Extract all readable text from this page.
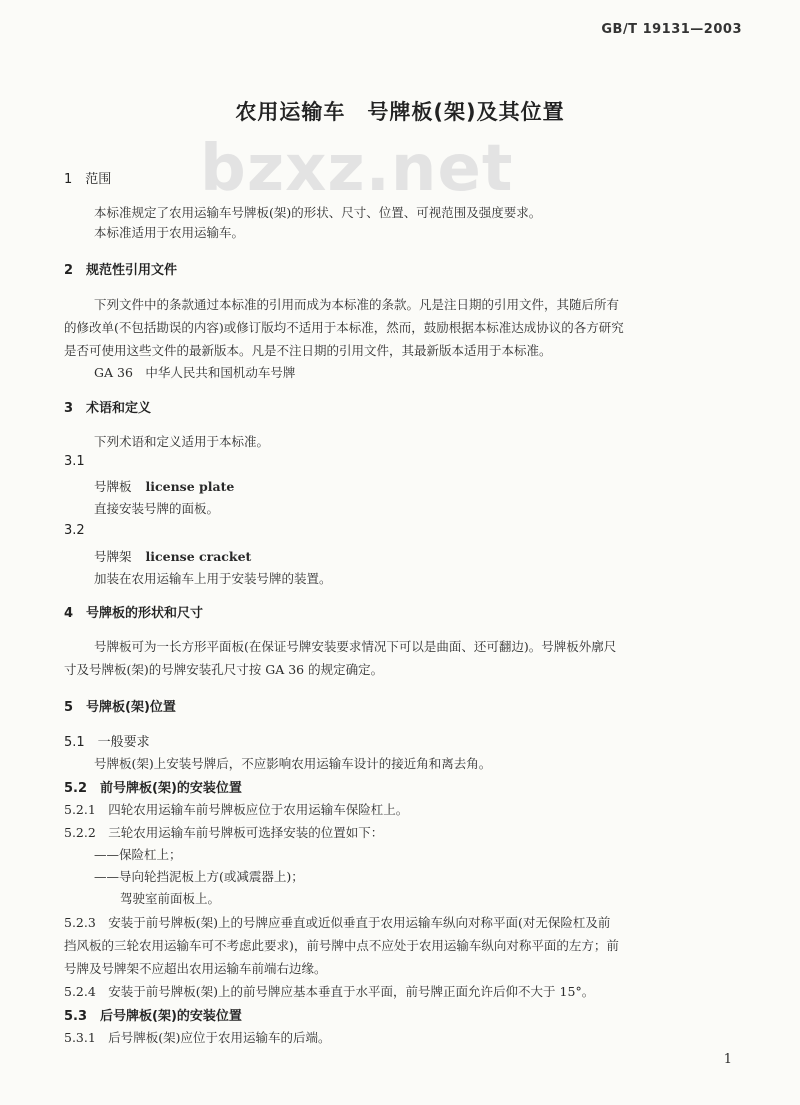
GB/T 19131—2003
农用运输车　号牌板(架)及其位置
bzxz.net
1　范围
本标准规定了农用运输车号牌板(架)的形状、尺寸、位置、可视范围及强度要求。
本标准适用于农用运输车。
2　规范性引用文件
下列文件中的条款通过本标准的引用而成为本标准的条款。凡是注日期的引用文件，其随后所有
的修改单(不包括勘误的内容)或修订版均不适用于本标准，然而，鼓励根据本标准达成协议的各方研究
是否可使用这些文件的最新版本。凡是不注日期的引用文件，其最新版本适用于本标准。
GA 36　中华人民共和国机动车号牌
3　术语和定义
下列术语和定义适用于本标准。
3.1
号牌板 license plate
直接安装号牌的面板。
3.2
号牌架 license cracket
加装在农用运输车上用于安装号牌的装置。
4　号牌板的形状和尺寸
号牌板可为一长方形平面板(在保证号牌安装要求情况下可以是曲面、还可翻边)。号牌板外廓尺
寸及号牌板(架)的号牌安装孔尺寸按 GA 36 的规定确定。
5　号牌板(架)位置
5.1　一般要求
号牌板(架)上安装号牌后，不应影响农用运输车设计的接近角和离去角。
5.2　前号牌板(架)的安装位置
5.2.1　四轮农用运输车前号牌板应位于农用运输车保险杠上。
5.2.2　三轮农用运输车前号牌板可选择安装的位置如下：
——保险杠上；
——导向轮挡泥板上方(或减震器上)；
驾驶室前面板上。
5.2.3　安装于前号牌板(架)上的号牌应垂直或近似垂直于农用运输车纵向对称平面(对无保险杠及前
挡风板的三轮农用运输车可不考虑此要求)，前号牌中点不应处于农用运输车纵向对称平面的左方；前
号牌及号牌架不应超出农用运输车前端右边缘。
5.2.4　安装于前号牌板(架)上的前号牌应基本垂直于水平面，前号牌正面允许后仰不大于 15°。
5.3　后号牌板(架)的安装位置
5.3.1　后号牌板(架)应位于农用运输车的后端。
1
